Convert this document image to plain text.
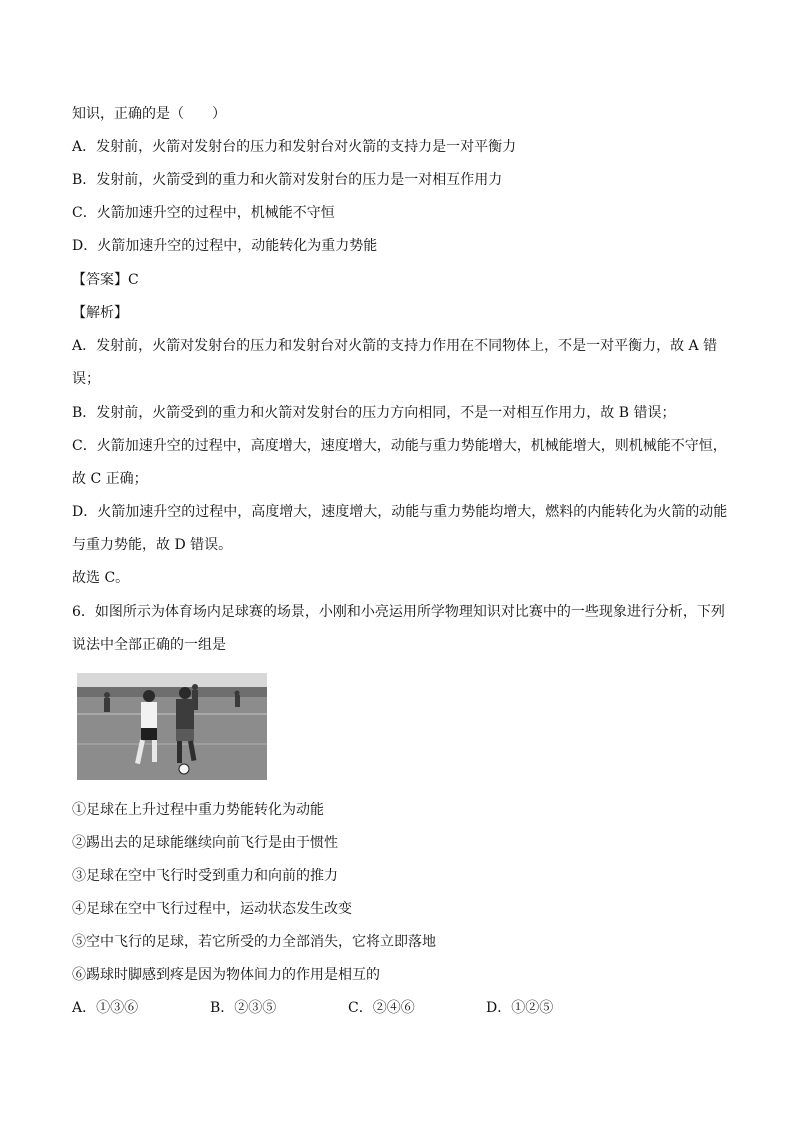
知识，正确的是（　　）
A．发射前，火箭对发射台的压力和发射台对火箭的支持力是一对平衡力
B．发射前，火箭受到的重力和火箭对发射台的压力是一对相互作用力
C．火箭加速升空的过程中，机械能不守恒
D．火箭加速升空的过程中，动能转化为重力势能
【答案】C
【解析】
A．发射前，火箭对发射台的压力和发射台对火箭的支持力作用在不同物体上，不是一对平衡力，故 A 错误；
B．发射前，火箭受到的重力和火箭对发射台的压力方向相同，不是一对相互作用力，故 B 错误；
C．火箭加速升空的过程中，高度增大，速度增大，动能与重力势能增大，机械能增大，则机械能不守恒，故 C 正确；
D．火箭加速升空的过程中，高度增大，速度增大，动能与重力势能均增大，燃料的内能转化为火箭的动能与重力势能，故 D 错误。
故选 C。
6．如图所示为体育场内足球赛的场景，小刚和小亮运用所学物理知识对比赛中的一些现象进行分析，下列说法中全部正确的一组是
①足球在上升过程中重力势能转化为动能
②踢出去的足球能继续向前飞行是由于惯性
③足球在空中飞行时受到重力和向前的推力
④足球在空中飞行过程中，运动状态发生改变
⑤空中飞行的足球，若它所受的力全部消失，它将立即落地
⑥踢球时脚感到疼是因为物体间力的作用是相互的
A．①③⑥	B．②③⑤	C．②④⑥	D．①②⑤
